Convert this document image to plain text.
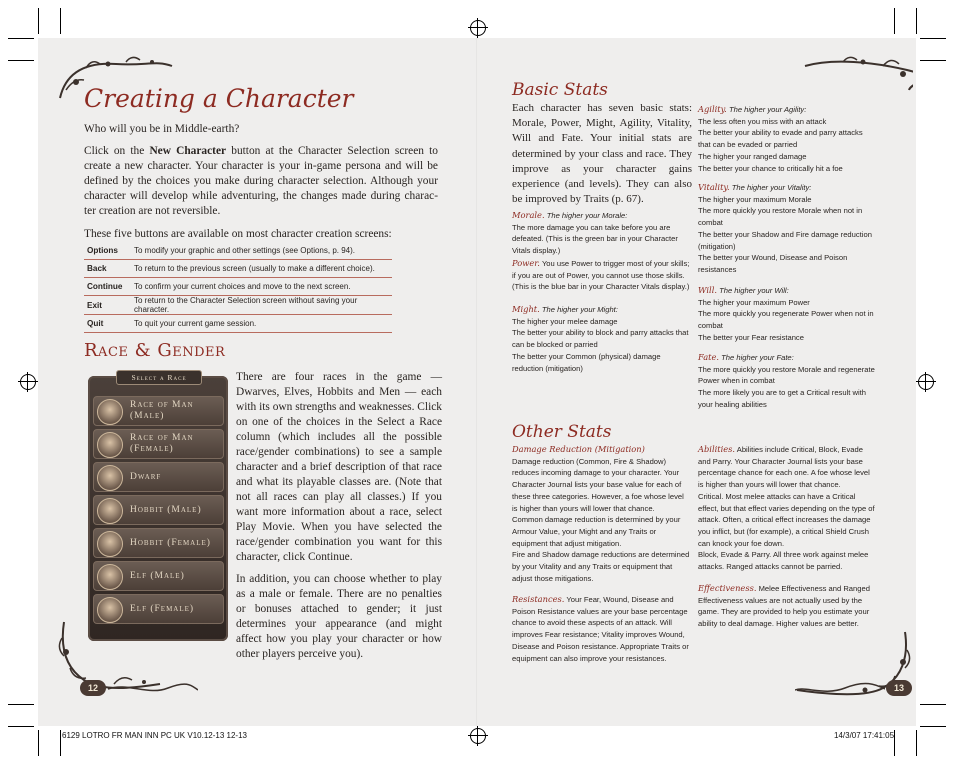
6129 LOTRO FR MAN INN PC UK V10.12-13 12-13	14/3/07 17:41:05
Creating a Character

Who will you be in Middle-earth?

Click on the New Character button at the Character Selection screen to create a new character. Your character is your in-game persona and will be defined by the choices you make during character selection. Although your character will develop while adventuring, the changes made during charac-ter creation are not reversible.

These five buttons are available on most character creation screens:

Options	To modify your graphic and other settings (see Options, p. 94).
Back	To return to the previous screen (usually to make a different choice).
Continue	To confirm your current choices and move to the next screen.
Exit	To return to the Character Selection screen without saving your character.
Quit	To quit your current game session.
Race & Gender
Select a Race
Race of Man (Male)
Race of Man (Female)
Dwarf
Hobbit (Male)
Hobbit (Female)
Elf (Male)
Elf (Female)

There are four races in the game — Dwarves, Elves, Hobbits and Men — each with its own strengths and weaknesses. Click on one of the choices in the Select a Race column (which includes all the possible race/gender combinations) to see a sample character and a brief description of that race and what its playable classes are. (Note that not all races can play all classes.) If you want more information about a race, select Play Movie. When you have selected the race/gender combination you want for this character, click Continue.

In addition, you can choose whether to play as a male or female. There are no penalties or bonuses attached to gender; it just determines your appearance (and might affect how you play your character or how other players perceive you).

12
Basic Stats
Each character has seven basic stats: Morale, Power, Might, Agility, Vitality, Will and Fate. Your initial stats are determined by your class and race. They improve as your character gains experience (and levels). They can also be improved by Traits (p. 67).

Morale. The higher your Morale:

The more damage you can take before you are defeated. (This is the green bar in your Character Vitals display.)

Power. You use Power to trigger most of your skills; if you are out of Power, you cannot use those skills. (This is the blue bar in your Character Vitals display.)

Might. The higher your Might:

The higher your melee damage

The better your ability to block and parry attacks that can be blocked or parried

The better your Common (physical) damage reduction (mitigation)

Agility. The higher your Agility:

The less often you miss with an attack

The better your ability to evade and parry attacks that can be evaded or parried

The higher your ranged damage

The better your chance to critically hit a foe

Vitality. The higher your Vitality:

The higher your maximum Morale

The more quickly you restore Morale when not in combat

The better your Shadow and Fire damage reduction (mitigation)

The better your Wound, Disease and Poison resistances

Will. The higher your Will:

The higher your maximum Power

The more quickly you regenerate Power when not in combat

The better your Fear resistance

Fate. The higher your Fate:

The more quickly you restore Morale and regenerate Power when in combat

The more likely you are to get a Critical result with your healing abilities

Other Stats

Damage Reduction (Mitigation)

Damage reduction (Common, Fire & Shadow) reduces incoming damage to your character. Your Character Journal lists your base value for each of these three categories. However, a foe whose level is higher than yours will lower that chance.

Common damage reduction is determined by your Armour Value, your Might and any Traits or equipment that adjust mitigation.

Fire and Shadow damage reductions are determined by your Vitality and any Traits or equipment that adjust those mitigations.

Resistances. Your Fear, Wound, Disease and Poison Resistance values are your base percentage chance to avoid these aspects of an attack. Will improves Fear resistance; Vitality improves Wound, Disease and Poison resistance. Appropriate Traits or equipment can also improve your resistances.

Abilities. Abilities include Critical, Block, Evade and Parry. Your Character Journal lists your base percentage chance for each one. A foe whose level is higher than yours will lower that chance.

Critical. Most melee attacks can have a Critical effect, but that effect varies depending on the type of attack. Often, a critical effect increases the damage you inflict, but (for example), a critical Shield Crush can knock your foe down.

Block, Evade & Parry. All three work against melee attacks. Ranged attacks cannot be parried.

Effectiveness. Melee Effectiveness and Ranged Effectiveness values are not actually used by the game. They are provided to help you estimate your ability to deal damage. Higher values are better.

13
